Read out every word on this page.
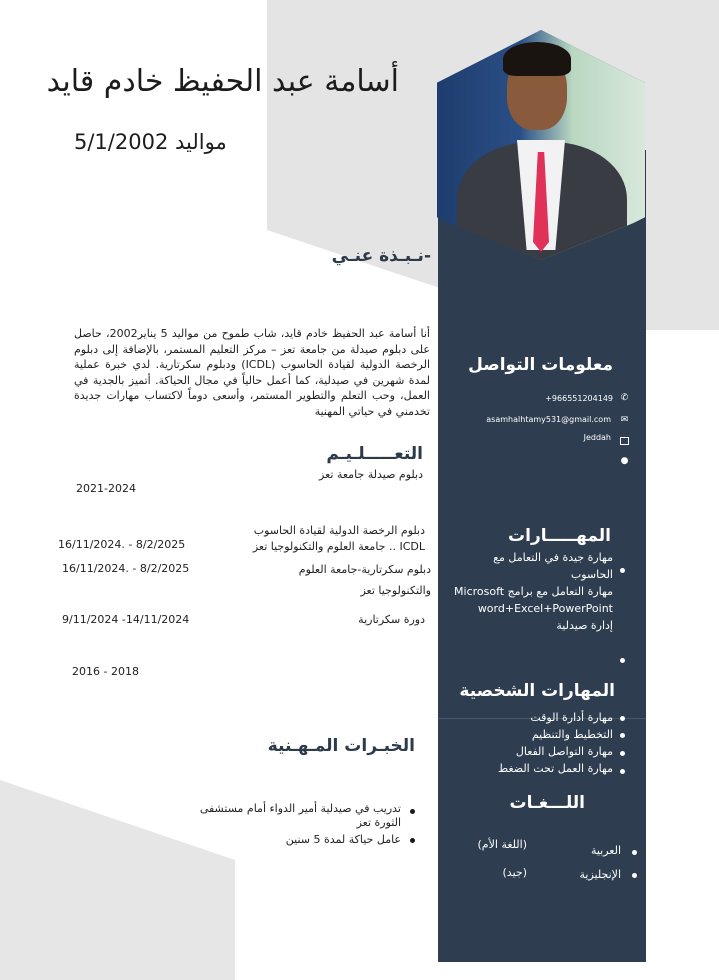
أسامة عبد الحفيظ خادم قايد
مواليد 5/1/2002
نـبـذة عنـي-
أنا أسامة عبد الحفيظ خادم قايد، شاب طموح من مواليد 5 يناير2002، حاصل على دبلوم صيدلة من جامعة تعز – مركز التعليم المستمر، بالإضافة إلى دبلوم الرخصة الدولية لقيادة الحاسوب (ICDL) ودبلوم سكرتارية. لدي خبرة عملية لمدة شهرين في صيدلية، كما أعمل حالياً في مجال الحياكة. أتميز بالجدية في العمل، وحب التعلم والتطوير المستمر، وأسعى دوماً لاكتساب مهارات جديدة تخدمني في حياتي المهنية
التعـــــلـيـم
دبلوم صيدلة جامعة تعز
2021-2024
دبلوم الرخصة الدولية لقيادة الحاسوب
ICDL .. جامعة العلوم والتكنولوجيا تعز
16/11/2024. - 8/2/2025
دبلوم سكرتارية-جامعة العلوم
والتكنولوجيا تعز
16/11/2024. - 8/2/2025
دورة سكرتارية
9/11/2024 -14/11/2024
2016 - 2018
الخبـرات المـهـنية
تدريب في صيدلية أمير الدواء أمام مستشفى الثورة تعز
عامل حياكة لمدة 5 سنين
معلومات التواصل
✆
+966551204149
✉
asamhalhtamy531@gmail.com
Jeddah
●
المهـــــارات
مهارة جيدة في التعامل مع الحاسوب
مهارة التعامل مع برامج Microsoft word+Excel+PowerPoint
إدارة صيدلية
المهارات الشخصية
مهارة أدارة الوقت
التخطيط والتنظيم
مهارة التواصل الفعال
مهارة العمل تحت الضغط
اللـــغـات
العربية
(اللغة الأم)
الإنجليزية
(جيد)
